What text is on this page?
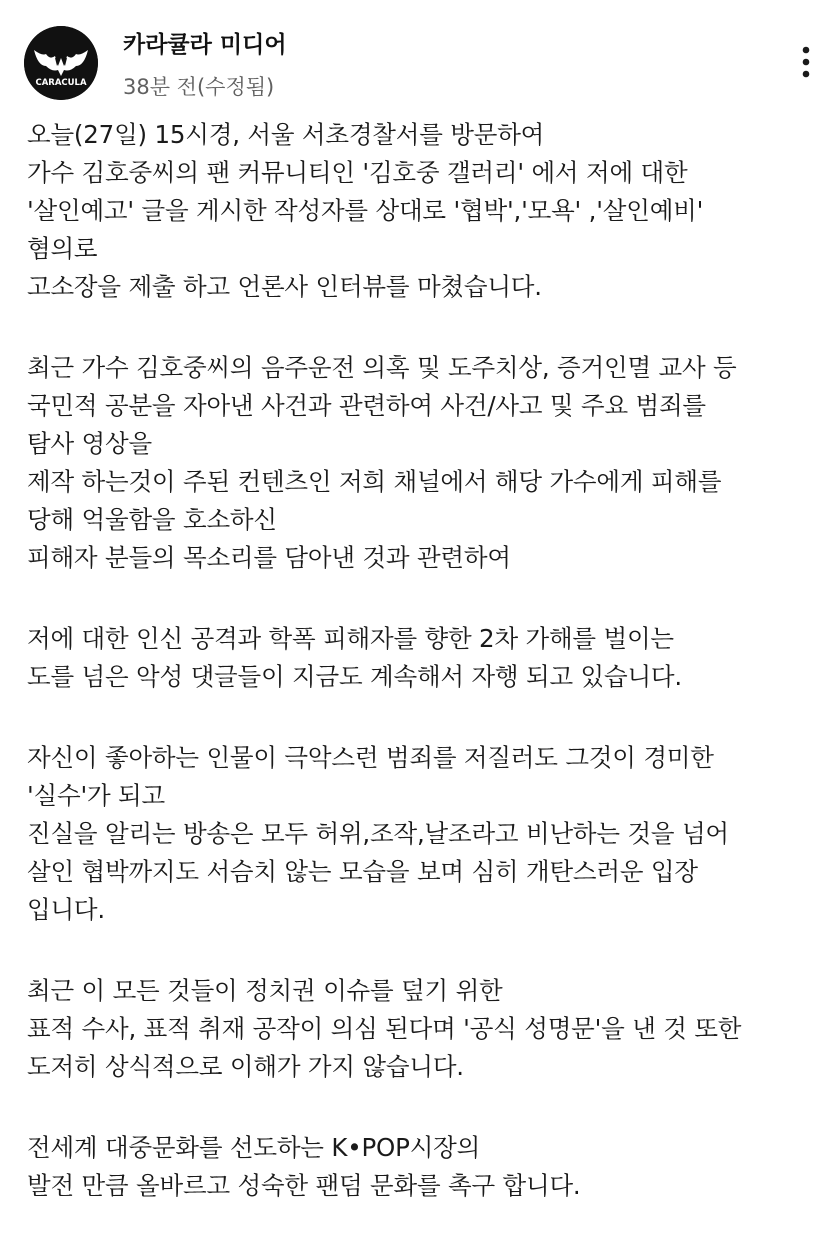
CARACULA
카라큘라 미디어
38분 전(수정됨)
오늘(27일) 15시경, 서울 서초경찰서를 방문하여
가수 김호중씨의 팬 커뮤니티인 '김호중 갤러리' 에서 저에 대한
'살인예고' 글을 게시한 작성자를 상대로 '협박','모욕' ,'살인예비'
혐의로
고소장을 제출 하고 언론사 인터뷰를 마쳤습니다.
최근 가수 김호중씨의 음주운전 의혹 및 도주치상, 증거인멸 교사 등
국민적 공분을 자아낸 사건과 관련하여 사건/사고 및 주요 범죄를
탐사 영상을
제작 하는것이 주된 컨텐츠인 저희 채널에서 해당 가수에게 피해를
당해 억울함을 호소하신
피해자 분들의 목소리를 담아낸 것과 관련하여
저에 대한 인신 공격과 학폭 피해자를 향한 2차 가해를 벌이는
도를 넘은 악성 댓글들이 지금도 계속해서 자행 되고 있습니다.
자신이 좋아하는 인물이 극악스런 범죄를 저질러도 그것이 경미한
'실수'가 되고
진실을 알리는 방송은 모두 허위,조작,날조라고 비난하는 것을 넘어
살인 협박까지도 서슴치 않는 모습을 보며 심히 개탄스러운 입장
입니다.
최근 이 모든 것들이 정치권 이슈를 덮기 위한
표적 수사, 표적 취재 공작이 의심 된다며 '공식 성명문'을 낸 것 또한
도저히 상식적으로 이해가 가지 않습니다.
전세계 대중문화를 선도하는 K•POP시장의
발전 만큼 올바르고 성숙한 팬덤 문화를 촉구 합니다.
